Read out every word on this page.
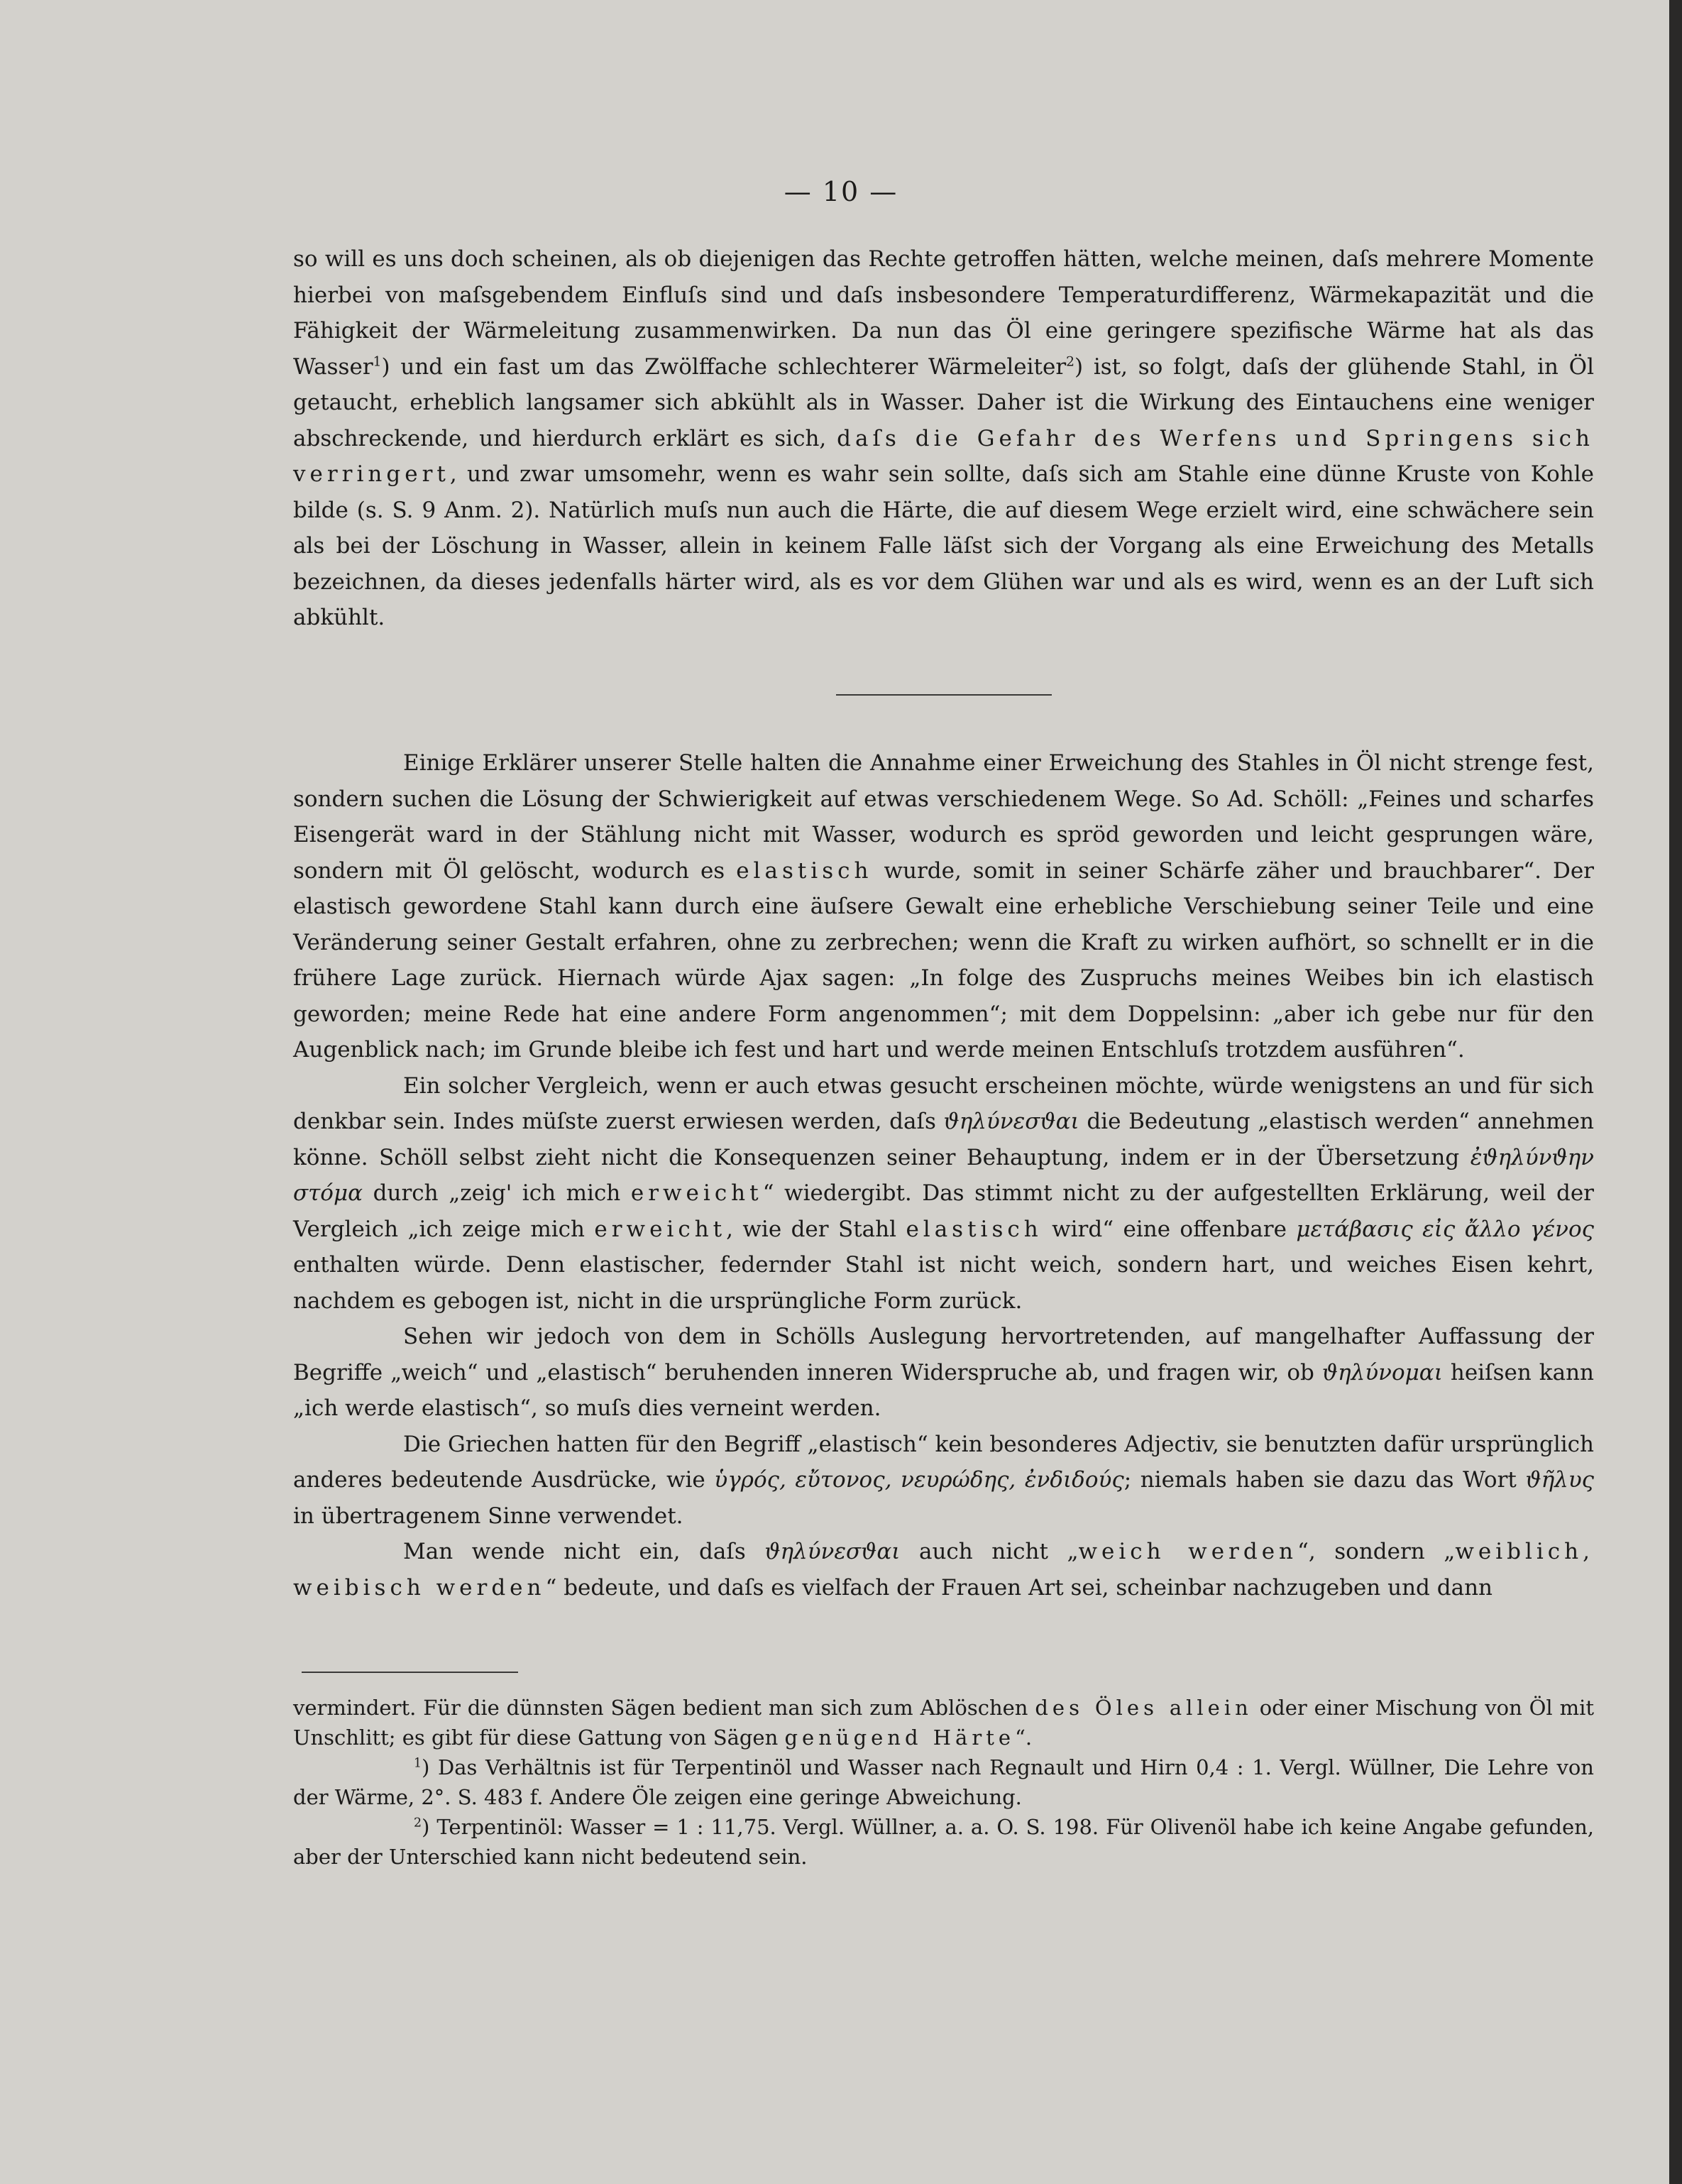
— 10 —

so will es uns doch scheinen, als ob diejenigen das Rechte getroffen hätten, welche meinen, daſs mehrere Momente hierbei von maſsgebendem Einfluſs sind und daſs insbesondere Temperaturdifferenz, Wärmekapazität und die Fähigkeit der Wärmeleitung zusammenwirken. Da nun das Öl eine geringere spezifische Wärme hat als das Wasser$^1$) und ein fast um das Zwölffache schlechterer Wärmeleiter$^2$) ist, so folgt, daſs der glühende Stahl, in Öl getaucht, erheblich langsamer sich abkühlt als in Wasser. Daher ist die Wirkung des Eintauchens eine weniger abschreckende, und hierdurch erklärt es sich, daſs die Gefahr des Werfens und Springens sich verringert, und zwar umsomehr, wenn es wahr sein sollte, daſs sich am Stahle eine dünne Kruste von Kohle bilde (s. S. 9 Anm. 2). Natürlich muſs nun auch die Härte, die auf diesem Wege erzielt wird, eine schwächere sein als bei der Löschung in Wasser, allein in keinem Falle läſst sich der Vorgang als eine Erweichung des Metalls bezeichnen, da dieses jedenfalls härter wird, als es vor dem Glühen war und als es wird, wenn es an der Luft sich abkühlt.

Einige Erklärer unserer Stelle halten die Annahme einer Erweichung des Stahles in Öl nicht strenge fest, sondern suchen die Lösung der Schwierigkeit auf etwas verschiedenem Wege. So Ad. Schöll: „Feines und scharfes Eisengerät ward in der Stählung nicht mit Wasser, wodurch es spröd geworden und leicht gesprungen wäre, sondern mit Öl gelöscht, wodurch es elastisch wurde, somit in seiner Schärfe zäher und brauchbarer“. Der elastisch gewordene Stahl kann durch eine äuſsere Gewalt eine erhebliche Verschiebung seiner Teile und eine Veränderung seiner Gestalt erfahren, ohne zu zerbrechen; wenn die Kraft zu wirken aufhört, so schnellt er in die frühere Lage zurück. Hiernach würde Ajax sagen: „In folge des Zuspruchs meines Weibes bin ich elastisch geworden; meine Rede hat eine andere Form angenommen“; mit dem Doppelsinn: „aber ich gebe nur für den Augenblick nach; im Grunde bleibe ich fest und hart und werde meinen Entschluſs trotzdem ausführen“.

Ein solcher Vergleich, wenn er auch etwas gesucht erscheinen möchte, würde wenigstens an und für sich denkbar sein. Indes müſste zuerst erwiesen werden, daſs ϑηλύνεσϑαι die Bedeutung „elastisch werden“ annehmen könne. Schöll selbst zieht nicht die Konsequenzen seiner Behauptung, indem er in der Übersetzung ἐϑηλύνϑην στόμα durch „zeig' ich mich erweicht“ wiedergibt. Das stimmt nicht zu der aufgestellten Erklärung, weil der Vergleich „ich zeige mich erweicht, wie der Stahl elastisch wird“ eine offenbare μετάβασις εἰς ἄλλο γένος enthalten würde. Denn elastischer, federnder Stahl ist nicht weich, sondern hart, und weiches Eisen kehrt, nachdem es gebogen ist, nicht in die ursprüngliche Form zurück.

Sehen wir jedoch von dem in Schölls Auslegung hervortretenden, auf mangelhafter Auffassung der Begriffe „weich“ und „elastisch“ beruhenden inneren Widerspruche ab, und fragen wir, ob ϑηλύνομαι heiſsen kann „ich werde elastisch“, so muſs dies verneint werden.

Die Griechen hatten für den Begriff „elastisch“ kein besonderes Adjectiv, sie benutzten dafür ursprünglich anderes bedeutende Ausdrücke, wie ὑγρός, εὔτονος, νευρώδης, ἐνδιδούς; niemals haben sie dazu das Wort ϑῆλυς in übertragenem Sinne verwendet.

Man wende nicht ein, daſs ϑηλύνεσϑαι auch nicht „weich werden“, sondern „weiblich, weibisch werden“ bedeute, und daſs es vielfach der Frauen Art sei, scheinbar nachzugeben und dann

vermindert. Für die dünnsten Sägen bedient man sich zum Ablöschen des Öles allein oder einer Mischung von Öl mit Unschlitt; es gibt für diese Gattung von Sägen genügend Härte“.

$^1$) Das Verhältnis ist für Terpentinöl und Wasser nach Regnault und Hirn 0,4 : 1. Vergl. Wüllner, Die Lehre von der Wärme, 2°. S. 483 f. Andere Öle zeigen eine geringe Abweichung.

$^2$) Terpentinöl: Wasser = 1 : 11,75. Vergl. Wüllner, a. a. O. S. 198. Für Olivenöl habe ich keine Angabe gefunden, aber der Unterschied kann nicht bedeutend sein.
